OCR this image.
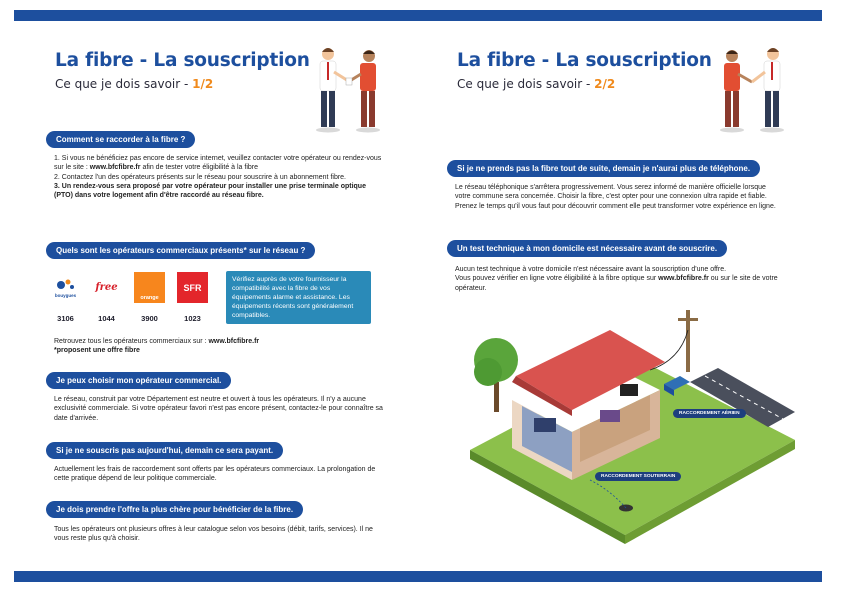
La fibre - La souscription
Ce que je dois savoir - 1/2
Comment se raccorder à la fibre ?
1. Si vous ne bénéficiez pas encore de service internet, veuillez contacter votre opérateur ou rendez-vous sur le site : www.bfcfibre.fr afin de tester votre éligibilité à la fibre
2. Contactez l'un des opérateurs présents sur le réseau pour souscrire à un abonnement fibre.
3. Un rendez-vous sera proposé par votre opérateur pour installer une prise terminale optique (PTO) dans votre logement afin d'être raccordé au réseau fibre.
Quels sont les opérateurs commerciaux présents* sur le réseau ?
bouygues
3106
free
1044
orange
3900
SFR
1023
Vérifiez auprès de votre fournisseur la compatibilité avec la fibre de vos équipements alarme et assistance. Les équipements récents sont généralement compatibles.
Retrouvez tous les opérateurs commerciaux sur : www.bfcfibre.fr
*proposent une offre fibre
Je peux choisir mon opérateur commercial.
Le réseau, construit par votre Département est neutre et ouvert à tous les opérateurs. Il n'y a aucune exclusivité commerciale. Si votre opérateur favori n'est pas encore présent, contactez-le pour connaître sa date d'arrivée.
Si je ne souscris pas aujourd'hui, demain ce sera payant.
Actuellement les frais de raccordement sont offerts par les opérateurs commerciaux. La prolongation de cette pratique dépend de leur politique commerciale.
Je dois prendre l'offre la plus chère pour bénéficier de la fibre.
Tous les opérateurs ont plusieurs offres à leur catalogue selon vos besoins (débit, tarifs, services). Il ne vous reste plus qu'à choisir.
La fibre - La souscription
Ce que je dois savoir - 2/2
Si je ne prends pas la fibre tout de suite, demain je n'aurai plus de téléphone.
Le réseau téléphonique s'arrêtera progressivement. Vous serez informé de manière officielle lorsque votre commune sera concernée. Choisir la fibre, c'est opter pour une connexion ultra rapide et fiable. Prenez le temps qu'il vous faut pour découvrir comment elle peut transformer votre expérience en ligne.
Un test technique à mon domicile est nécessaire avant de souscrire.
Aucun test technique à votre domicile n'est nécessaire avant la souscription d'une offre.
Vous pouvez vérifier en ligne votre éligibilité à la fibre optique sur www.bfcfibre.fr ou sur le site de votre opérateur.
RACCORDEMENT AÉRIEN
RACCORDEMENT SOUTERRAIN
